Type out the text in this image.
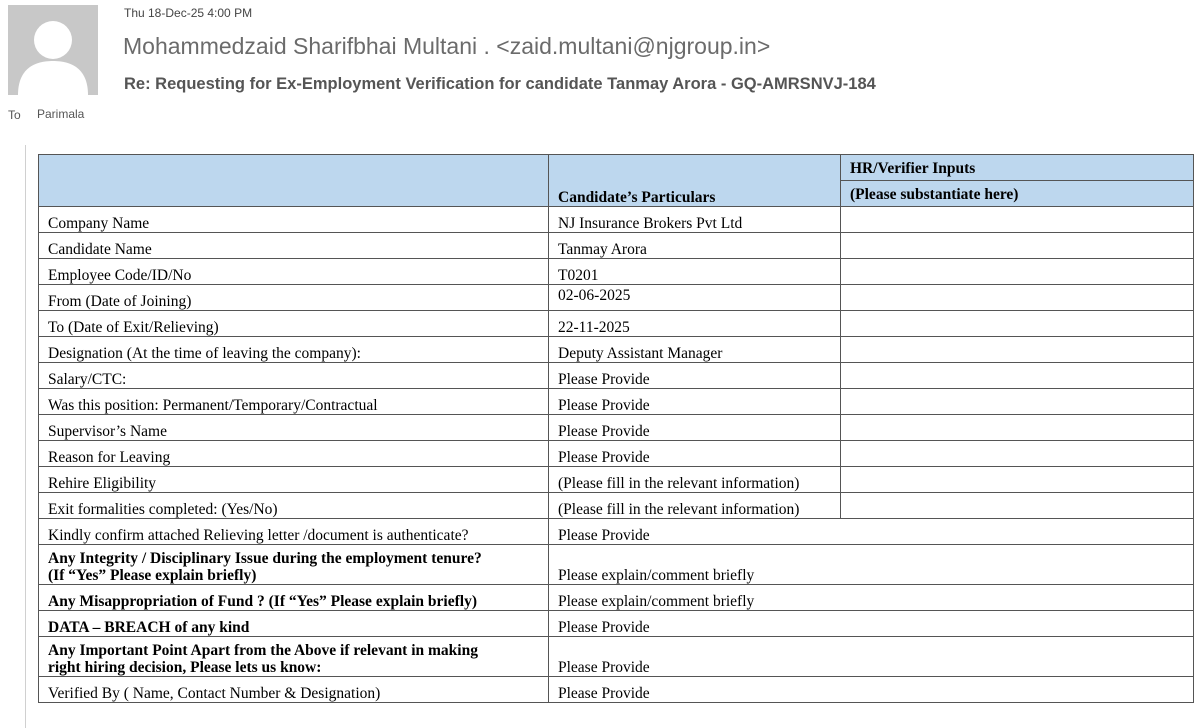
Thu 18-Dec-25 4:00 PM
Mohammedzaid Sharifbhai Multani . <zaid.multani@njgroup.in>
Re: Requesting for Ex-Employment Verification for candidate Tanmay Arora - GQ-AMRSNVJ-184
To Parimala
	Candidate’s Particulars	HR/Verifier Inputs
(Please substantiate here)

Company Name	NJ Insurance Brokers Pvt Ltd	
Candidate Name	Tanmay Arora	
Employee Code/ID/No	T0201	
From (Date of Joining)	02-06-2025	
To (Date of Exit/Relieving)	22-11-2025	
Designation (At the time of leaving the company):	Deputy Assistant Manager	
Salary/CTC:	Please Provide	
Was this position: Permanent/Temporary/Contractual	Please Provide	
Supervisor’s Name	Please Provide	
Reason for Leaving	Please Provide	
Rehire Eligibility	(Please fill in the relevant information)	
Exit formalities completed: (Yes/No)	(Please fill in the relevant information)	
Kindly confirm attached Relieving letter /document is authenticate?	Please Provide	

Any Integrity / Disciplinary Issue during the employment tenure?
(If “Yes” Please explain briefly)	Please explain/comment briefly	
Any Misappropriation of Fund ? (If “Yes” Please explain briefly)	Please explain/comment briefly	
DATA – BREACH of any kind	Please Provide	

Any Important Point Apart from the Above if relevant in making
right hiring decision, Please lets us know:	Please Provide	
Verified By ( Name, Contact Number & Designation)	Please Provide	
